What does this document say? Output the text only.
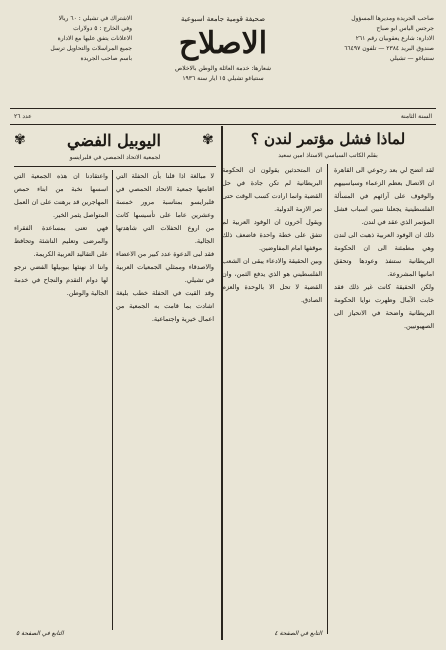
صاحب الجريدة ومديرها المسؤول
جرجس الياس ابو صباح
الادارة: شارع يعقوبيان رقم ٢٦١
صندوق البريد ٢٣٨٤ — تلفون ٦٦٤٩٧
سنتياغو — تشيلي
صحيفة قومية جامعة اسبوعية
الاصلاح
شعارها: خدمة العائلة والوطن بالاخلاص
سنتياغو تشيلي ١٥ ايار سنة ١٩٣٦
الاشتراك في تشيلي : ٦٠ ريالا
وفي الخارج : ٥ دولارات
الاعلانات يتفق عليها مع الادارة
جميع المراسلات والتحاويل ترسل
باسم صاحب الجريدة
السنة الثامنة
عدد ٢٦
لماذا فشل مؤتمر لندن ؟
بقلم الكاتب السياسي الاستاذ امين سعيد

لقد اتضح لي بعد رجوعي الى القاهرة ان الاتصال بعظم الزعماء وسياسييهم والوقوف على آرائهم في المسألة الفلسطينية يجعلنا نتبين اسباب فشل المؤتمر الذي عقد في لندن.

ذلك ان الوفود العربية ذهبت الى لندن وهي مطمئنة الى ان الحكومة البريطانية ستنفذ وعودها وتحقق امانيها المشروعة.

ولكن الحقيقة كانت غير ذلك فقد خابت الآمال وظهرت نوايا الحكومة البريطانية واضحة في الانحياز الى الصهيونيين.

ان المتحدثين يقولون ان الحكومة البريطانية لم تكن جادة في حل القضية وانما ارادت كسب الوقت حتى تمر الازمة الدولية.

ويقول آخرون ان الوفود العربية لم تتفق على خطة واحدة فاضعف ذلك موقفها امام المفاوضين.

وبين الحقيقة والادعاء يبقى ان الشعب الفلسطيني هو الذي يدفع الثمن، وان القضية لا تحل الا بالوحدة والعزم الصادق.

التابع في الصفحة ٤
✾
اليوبيل الفضي
✾
لجمعية الاتحاد الحمصي في فلبرايسو

لا مبالغة اذا قلنا بأن الحفلة التي اقامتها جمعية الاتحاد الحمصي في فلبرايسو بمناسبة مرور خمسة وعشرين عاما على تأسيسها كانت من اروع الحفلات التي شاهدتها الجالية.

فقد لبى الدعوة عدد كبير من الاعضاء والاصدقاء وممثلي الجمعيات العربية في تشيلي.

وقد القيت في الحفلة خطب بليغة اشادت بما قامت به الجمعية من اعمال خيرية واجتماعية.

واعتقادنا ان هذه الجمعية التي اسسها نخبة من ابناء حمص المهاجرين قد برهنت على ان العمل المتواصل يثمر الخير.

فهي تعنى بمساعدة الفقراء والمرضى وتعليم الناشئة وتحافظ على التقاليد العربية الكريمة.

واننا اذ نهنئها بيوبيلها الفضي نرجو لها دوام التقدم والنجاح في خدمة الجالية والوطن.

التابع في الصفحة ٥
